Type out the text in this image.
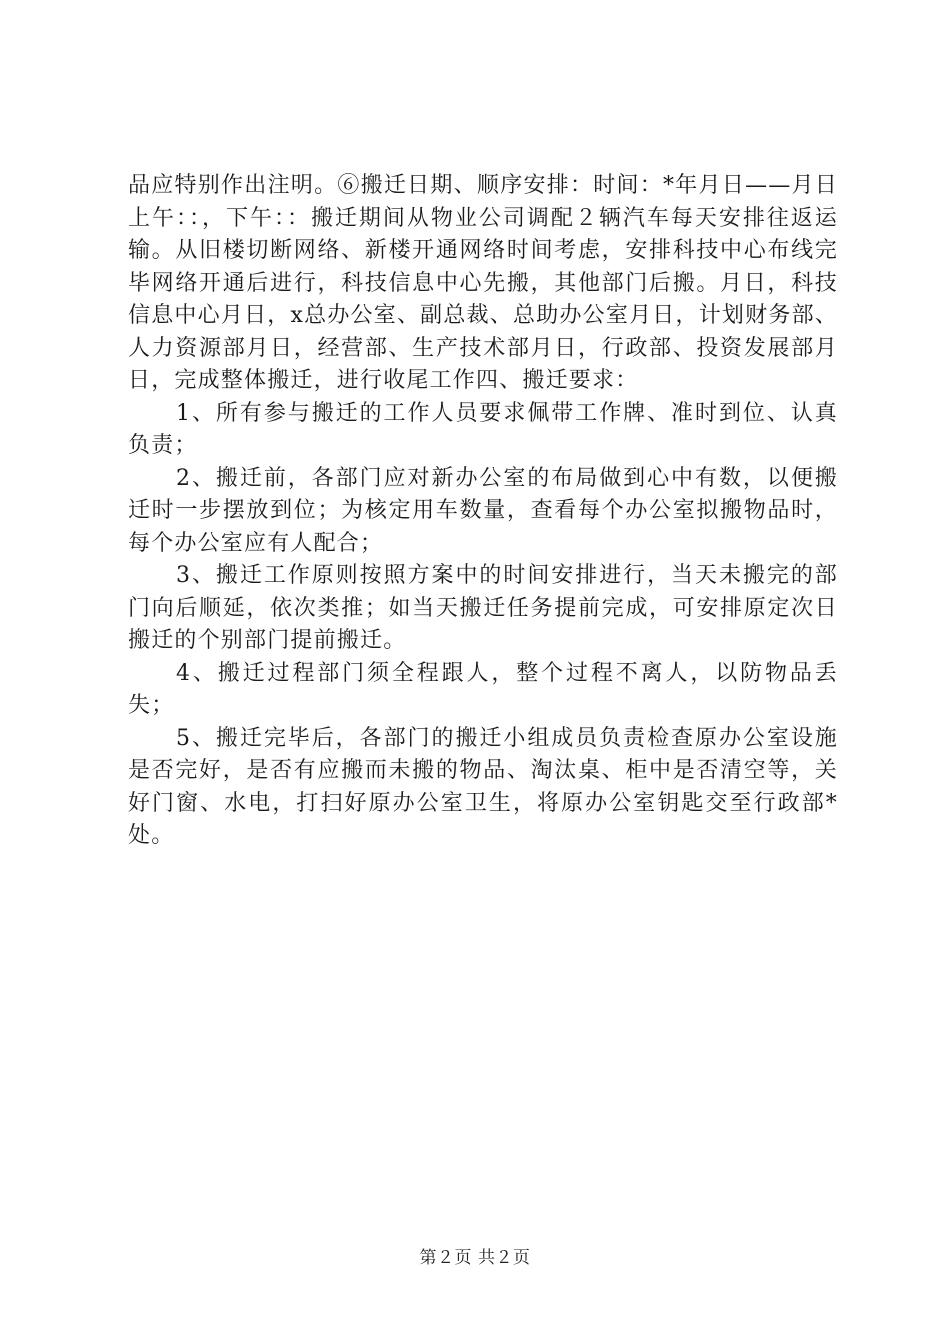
品应特别作出注明。⑥搬迁日期、顺序安排：时间：*年月日——月日上午：：，下午：：搬迁期间从物业公司调配２辆汽车每天安排往返运输。从旧楼切断网络、新楼开通网络时间考虑，安排科技中心布线完毕网络开通后进行，科技信息中心先搬，其他部门后搬。月日，科技信息中心月日，x总办公室、副总裁、总助办公室月日，计划财务部、人力资源部月日，经营部、生产技术部月日，行政部、投资发展部月日，完成整体搬迁，进行收尾工作四、搬迁要求：

1、所有参与搬迁的工作人员要求佩带工作牌、准时到位、认真负责；

2、搬迁前，各部门应对新办公室的布局做到心中有数，以便搬迁时一步摆放到位；为核定用车数量，查看每个办公室拟搬物品时，每个办公室应有人配合；

3、搬迁工作原则按照方案中的时间安排进行，当天未搬完的部门向后顺延，依次类推；如当天搬迁任务提前完成，可安排原定次日搬迁的个别部门提前搬迁。

4、搬迁过程部门须全程跟人，整个过程不离人，以防物品丢失；

5、搬迁完毕后，各部门的搬迁小组成员负责检查原办公室设施是否完好，是否有应搬而未搬的物品、淘汰桌、柜中是否清空等，关好门窗、水电，打扫好原办公室卫生，将原办公室钥匙交至行政部*处。

第２页 共２页
